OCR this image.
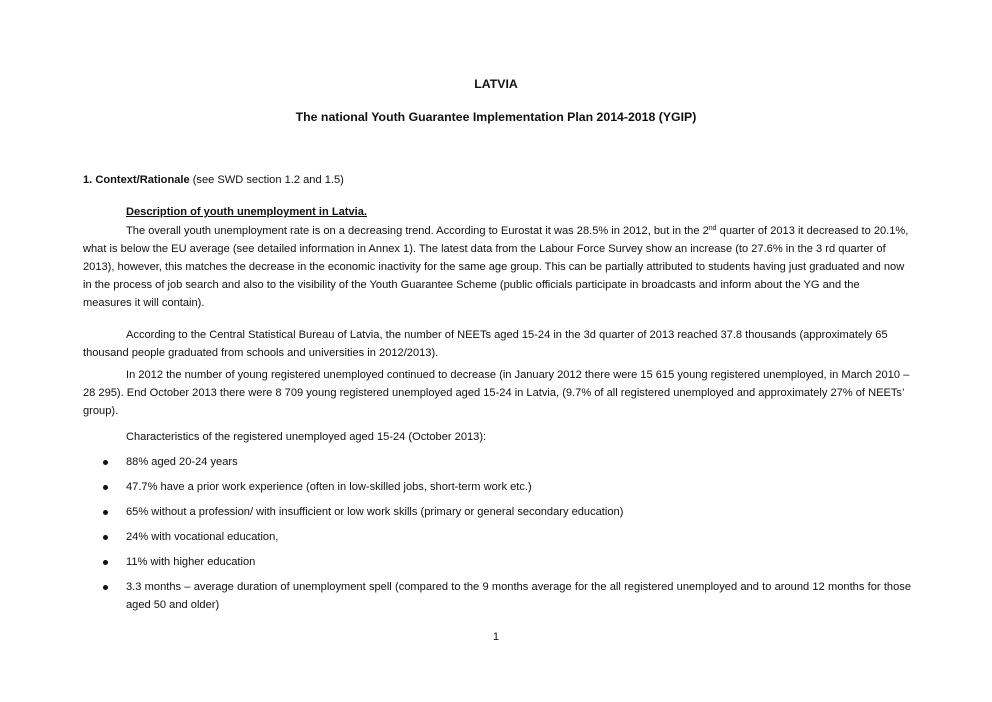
LATVIA
The national Youth Guarantee Implementation Plan 2014-2018 (YGIP)
1. Context/Rationale (see SWD section 1.2 and 1.5)
Description of youth unemployment in Latvia.
The overall youth unemployment rate is on a decreasing trend. According to Eurostat it was 28.5% in 2012, but in the 2nd quarter of 2013 it decreased to 20.1%, what is below the EU average (see detailed information in Annex 1). The latest data from the Labour Force Survey show an increase (to 27.6% in the 3 rd quarter of 2013), however, this matches the decrease in the economic inactivity for the same age group. This can be partially attributed to students having just graduated and now in the process of job search and also to the visibility of the Youth Guarantee Scheme (public officials participate in broadcasts and inform about the YG and the measures it will contain).
According to the Central Statistical Bureau of Latvia, the number of NEETs aged 15-24 in the 3d quarter of 2013 reached 37.8 thousands (approximately 65 thousand people graduated from schools and universities in 2012/2013).
In 2012 the number of young registered unemployed continued to decrease (in January 2012 there were 15 615 young registered unemployed, in March 2010 – 28 295). End October 2013 there were 8 709 young registered unemployed aged 15-24 in Latvia, (9.7% of all registered unemployed and approximately 27% of NEETs’ group).
Characteristics of the registered unemployed aged 15-24 (October 2013):
88% aged 20-24 years
47.7% have a prior work experience (often in low-skilled jobs, short-term work etc.)
65% without a profession/ with insufficient or low work skills (primary or general secondary education)
24% with vocational education,
11% with higher education
3.3 months – average duration of unemployment spell (compared to the 9 months average for the all registered unemployed and to around 12 months for those aged 50 and older)
1
